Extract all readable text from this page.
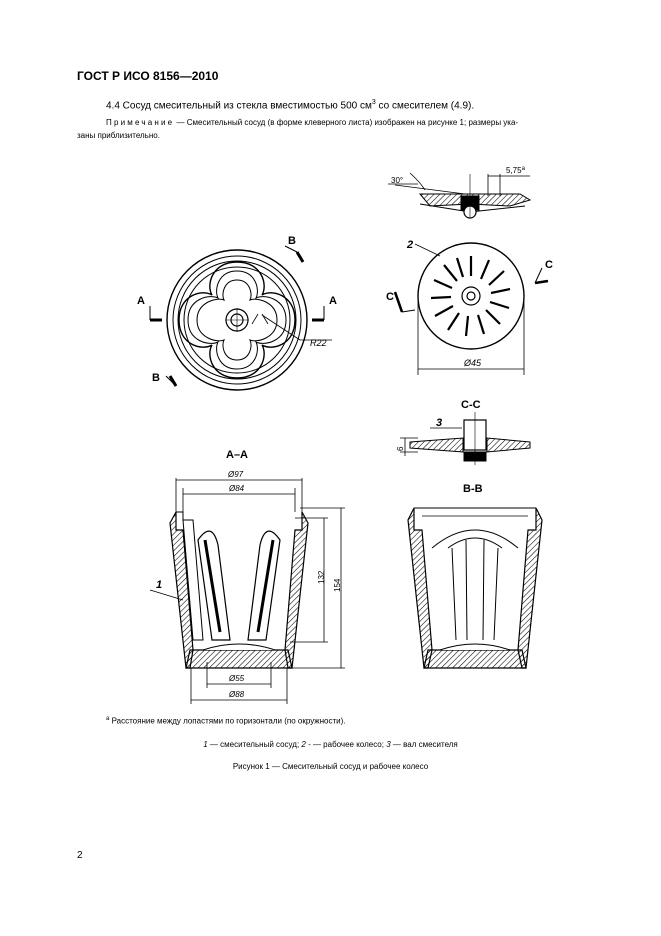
ГОСТ Р ИСО 8156—2010
4.4 Сосуд смесительный из стекла вместимостью 500 $см^3$ со смесителем (4.9).
Примечание — Смесительный сосуд (в форме клеверного листа) изображен на рисунке 1; размеры ука-
заны приблизительно.
А	А
В
В
R22
30°
5,75$^a$
2
С
С
Ø45
С-С
3
6
А–А
Ø97
Ø84
Ø55
Ø88
132
154
1
В-В
$^a$ Расстояние между лопастями по горизонтали (по окружности).
1 — смесительный сосуд; 2 - — рабочее колесо; 3 — вал смесителя
Рисунок 1 — Смесительный сосуд и рабочее колесо
2
